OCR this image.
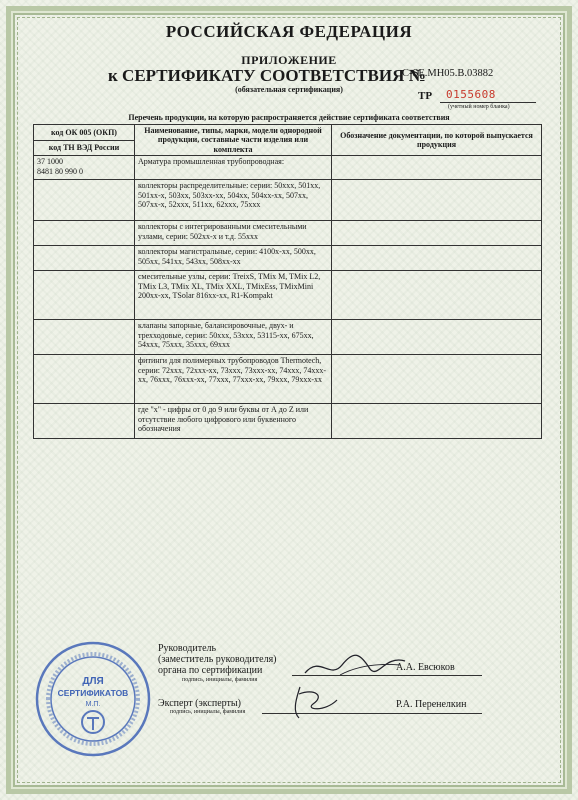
РОССИЙСКАЯ ФЕДЕРАЦИЯ
ПРИЛОЖЕНИЕ
к СЕРТИФИКАТУ СООТВЕТСТВИЯ №
C-SE.МН05.В.03882
(обязательная сертификация)
ТР 0155608
(учетный номер бланка)
Перечень продукции, на которую распространяется действие сертификата соответствия
код ОК 005 (ОКП)	Наименование, типы, марки, модели однородной продукции, составные части изделия или комплекта	Обозначение документации, по которой выпускается продукция
код ТН ВЭД России		

37 1000
8481 80 990 0	Арматура промышленная трубопроводная:	
	коллекторы распределительные: серии: 50xxx, 501xx, 501xx-x, 503xx, 503xx-xx, 504xx, 504xx-xx, 507xx, 507xx-x, 52xxx, 511xx, 62xxx, 75xxx	
	коллекторы с интегрированными смесительными узлами, серии: 502xx-x и т.д. 55xxx	
	коллекторы магистральные, серии: 4100x-xx, 500xx, 505xx, 541xx, 543xx, 508xx-xx	
	смесительные узлы, серии: TreixS, TMix M, TMix L2, TMix L3, TMix XL, TMix XXL, TMixEss, TMixMini 200xx-xx, TSolar 816xx-xx, R1-Kompakt	
	клапаны запорные, балансировочные, двух- и трехходовые, серии: 50xxx, 53xxx, 53115-xx, 675xx, 54xxx, 75xxx, 35xxx, 69xxx	
	фитинги для полимерных трубопроводов Thermotech, серии: 72xxx, 72xxx-xx, 73xxx, 73xxx-xx, 74xxx, 74xxx-xx, 76xxx, 76xxx-xx, 77xxx, 77xxx-xx, 79xxx, 79xxx-xx	
	где "x" - цифры от 0 до 9 или буквы от А до Z или отсутствие любого цифрового или буквенного обозначения	
Руководитель
(заместитель руководителя)
органа по сертификации
подпись, инициалы, фамилия
А.А. Евсюков
Эксперт (эксперты)
подпись, инициалы, фамилия
Р.А. Перенелкин
ДЛЯ
СЕРТИФИКАТОВ
М.П.
